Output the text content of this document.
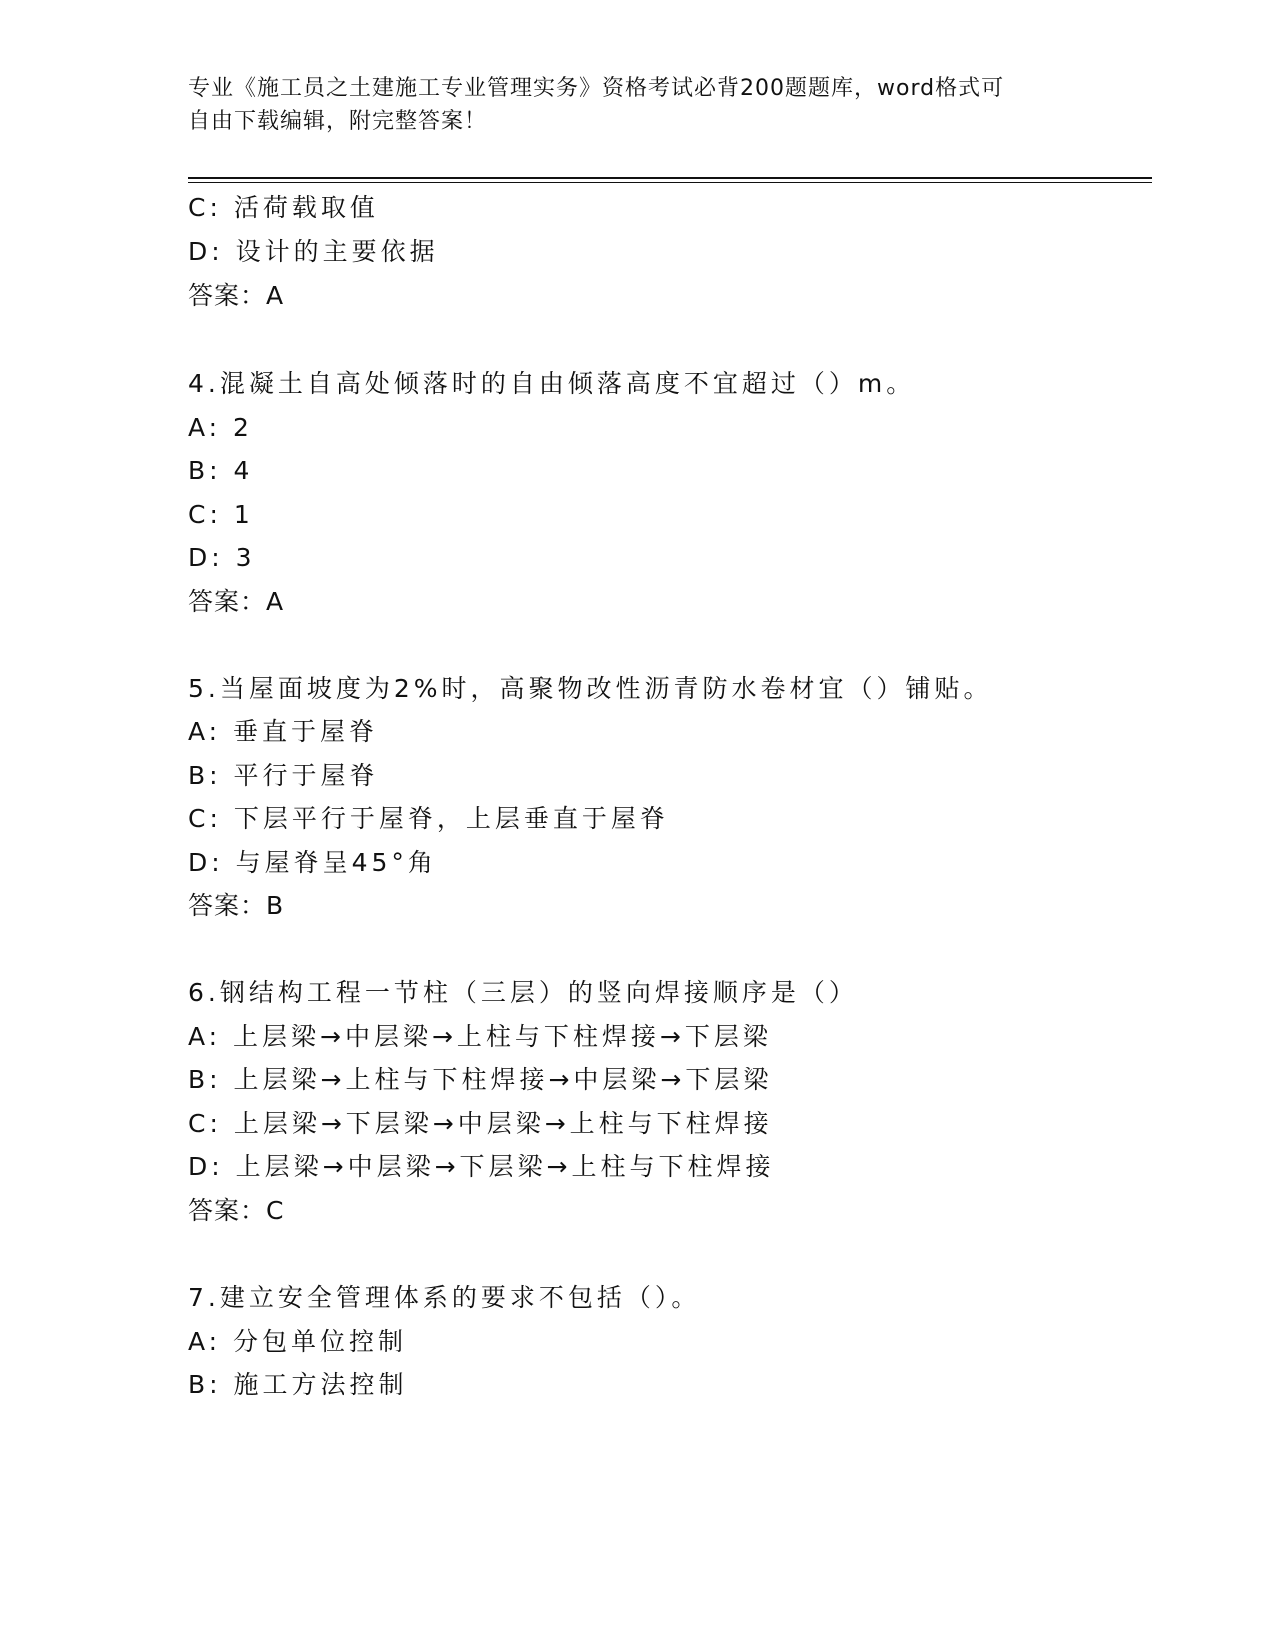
专业《施工员之土建施工专业管理实务》资格考试必背200题题库，word格式可
自由下载编辑，附完整答案！
C: 活荷载取值
D: 设计的主要依据
答案：A
4.混凝土自高处倾落时的自由倾落高度不宜超过（）m。
A: 2
B: 4
C: 1
D: 3
答案：A
5.当屋面坡度为2%时，高聚物改性沥青防水卷材宜（）铺贴。
A: 垂直于屋脊
B: 平行于屋脊
C: 下层平行于屋脊，上层垂直于屋脊
D: 与屋脊呈45°角
答案：B
6.钢结构工程一节柱（三层）的竖向焊接顺序是（）
A: 上层梁→中层梁→上柱与下柱焊接→下层梁
B: 上层梁→上柱与下柱焊接→中层梁→下层梁
C: 上层梁→下层梁→中层梁→上柱与下柱焊接
D: 上层梁→中层梁→下层梁→上柱与下柱焊接
答案：C
7.建立安全管理体系的要求不包括（）。
A: 分包单位控制
B: 施工方法控制
